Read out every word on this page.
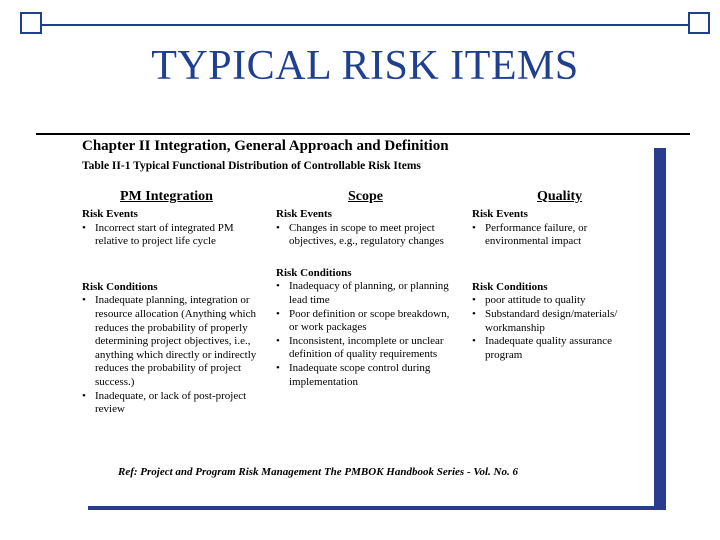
TYPICAL RISK ITEMS
Chapter II Integration, General Approach and Definition
Table II-1 Typical Functional Distribution of Controllable Risk Items
PM Integration	Scope	Quality
Risk Events
• Incorrect start of integrated PM relative to project life cycle
Risk Conditions
• Inadequate planning, integration or resource allocation (Anything which reduces the probability of properly determining project objectives, i.e., anything which directly or indirectly reduces the probability of project success.)
• Inadequate, or lack of post-project review
Risk Events
• Changes in scope to meet project objectives, e.g., regulatory changes
Risk Conditions
• Inadequacy of planning, or planning lead time
• Poor definition or scope breakdown, or work packages
• Inconsistent, incomplete or unclear definition of quality requirements
• Inadequate scope control during implementation
Risk Events
• Performance failure, or environmental impact
Risk Conditions
• poor attitude to quality
• Substandard design/materials/ workmanship
• Inadequate quality assurance program
Ref: Project and Program Risk Management The PMBOK Handbook Series - Vol. No. 6
